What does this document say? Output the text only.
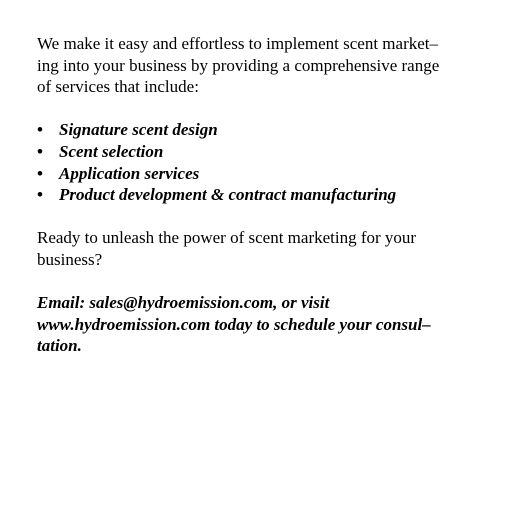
We make it easy and effortless to implement scent market–
ing into your business by providing a comprehensive range
of services that include:

• Signature scent design
• Scent selection
• Application services
• Product development & contract manufacturing

Ready to unleash the power of scent marketing for your
business?

Email: sales@hydroemission.com, or visit
www.hydroemission.com today to schedule your consul–
tation.
